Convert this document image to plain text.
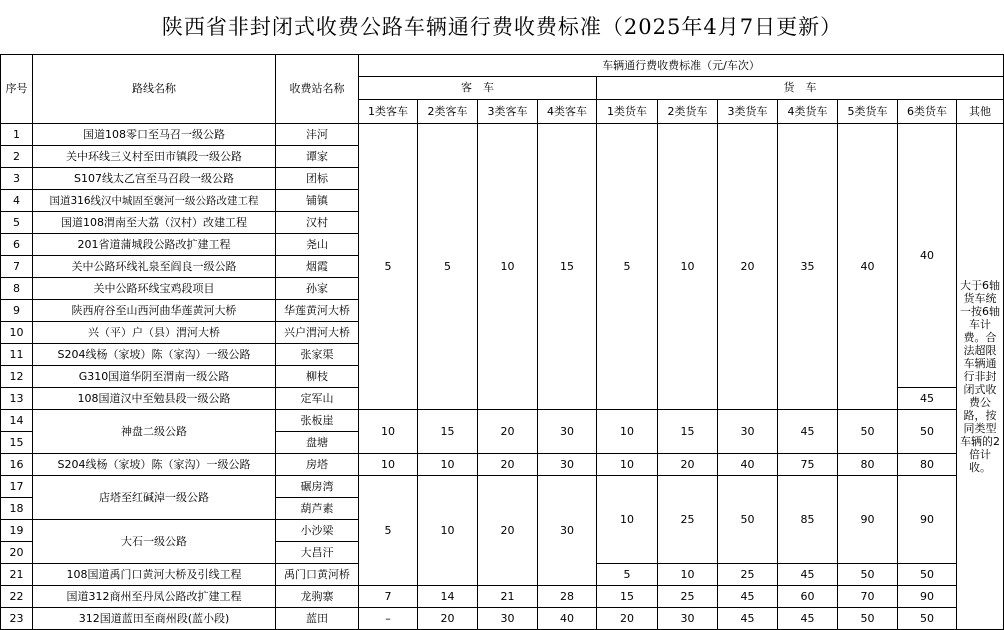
陕西省非封闭式收费公路车辆通行费收费标准（2025年4月7日更新）
序号	路线名称	收费站名称	车辆通行费收费标准（元/车次）										
			客　车				货　车						
			1类客车	2类客车	3类客车	4类客车	1类货车	2类货车	3类货车	4类货车	5类货车	6类货车	其他
1	国道108零口至马召一级公路	沣河	5	5	10	15	5	10	20	35	40	40	大于6轴货车统一按6轴车计费。合法超限车辆通行非封闭式收费公路，按同类型车辆的2倍计收。
2	关中环线三义村至田市镇段一级公路	谭家											
3	S107线太乙宫至马召段一级公路	团标											
4	国道316线汉中城固至褒河一级公路改建工程	铺镇											
5	国道108渭南至大荔（汉村）改建工程	汉村											
6	201省道蒲城段公路改扩建工程	尧山											
7	关中公路环线礼泉至阎良一级公路	烟霞											
8	关中公路环线宝鸡段项目	孙家											
9	陕西府谷至山西河曲华莲黄河大桥	华莲黄河大桥											
10	兴（平）户（县）渭河大桥	兴户渭河大桥											
11	S204线杨（家坡）陈（家沟）一级公路	张家渠											
12	G310国道华阴至渭南一级公路	柳枝											
13	108国道汉中至勉县段一级公路	定军山										45	
14	神盘二级公路	张板崖	10	15	20	30	10	15	30	45	50	50	
15		盘塘											
16	S204线杨（家坡）陈（家沟）一级公路	房塔	10	10	20	30	10	20	40	75	80	80	
17	店塔至红碱淖一级公路	碾房湾	5	10	20	30	10	25	50	85	90	90	
18		葫芦素											
19	大石一级公路	小沙梁											
20		大昌汗											
21	108国道禹门口黄河大桥及引线工程	禹门口黄河桥					5	10	25	45	50	50	
22	国道312商州至丹凤公路改扩建工程	龙驹寨	7	14	21	28	15	25	45	60	70	90	
23	312国道蓝田至商州段(蓝小段)	蓝田	–	20	30	40	20	30	45	45	50	50	
